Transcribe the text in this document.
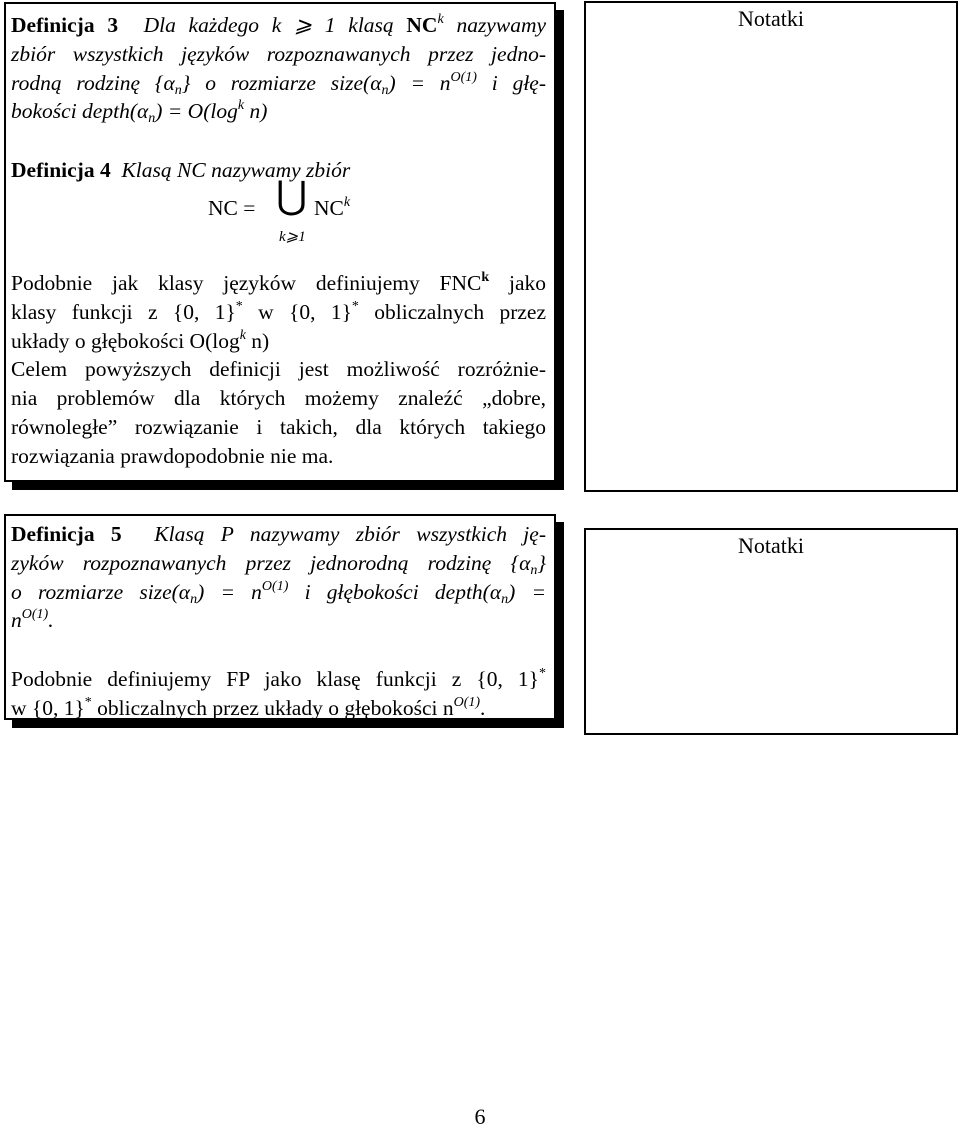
Definicja 3 Dla każdego k ⩾ 1 klasą $NC^k$ nazywamy
zbiór wszystkich języków rozpoznawanych przez jedno-
rodną rodzinę $\{\alpha_n\}$ o rozmiarze $size(\alpha_n) = n^{O(1)}$ i głę-
bokości $depth(\alpha_n) = O(\log^k$ n)
Definicja 4 Klasą NC nazywamy zbiór
NC = ⋃ $NC^k$
k⩾1
Podobnie jak klasy języków definiujemy FNC$^k$ jako
klasy funkcji z {0, 1}* w {0, 1}* obliczalnych przez
układy o głębokości $O(\log^k$ n)
Celem powyższych definicji jest możliwość rozróżnie-
nia problemów dla których możemy znaleźć „dobre,
równoległe” rozwiązanie i takich, dla których takiego
rozwiązania prawdopodobnie nie ma.
Notatki
Definicja 5 Klasą P nazywamy zbiór wszystkich ję-
zyków rozpoznawanych przez jednorodną rodzinę $\{\alpha_n\}$
o rozmiarze $size(\alpha_n) = n^{O(1)}$ i głębokości $depth(\alpha_n)$ =
$n^{O(1)}$.
Podobnie definiujemy FP jako klasę funkcji z {0, 1}*
w {0, 1}* obliczalnych przez układy o głębokości $n^{O(1)}$.
Notatki
6
